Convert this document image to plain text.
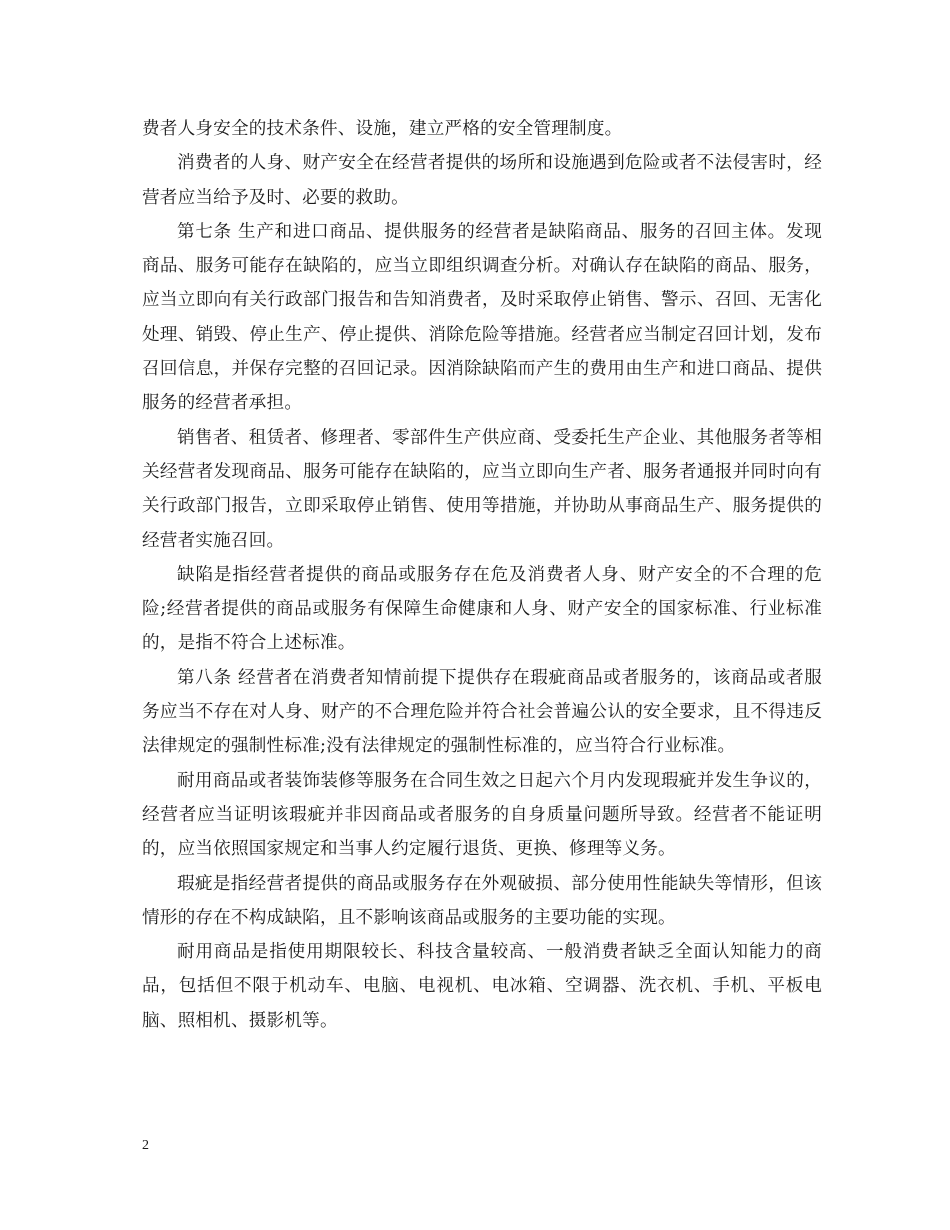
费者人身安全的技术条件、设施，建立严格的安全管理制度。

消费者的人身、财产安全在经营者提供的场所和设施遇到危险或者不法侵害时，经营者应当给予及时、必要的救助。

第七条 生产和进口商品、提供服务的经营者是缺陷商品、服务的召回主体。发现商品、服务可能存在缺陷的，应当立即组织调查分析。对确认存在缺陷的商品、服务，应当立即向有关行政部门报告和告知消费者，及时采取停止销售、警示、召回、无害化处理、销毁、停止生产、停止提供、消除危险等措施。经营者应当制定召回计划，发布召回信息，并保存完整的召回记录。因消除缺陷而产生的费用由生产和进口商品、提供服务的经营者承担。

销售者、租赁者、修理者、零部件生产供应商、受委托生产企业、其他服务者等相关经营者发现商品、服务可能存在缺陷的，应当立即向生产者、服务者通报并同时向有关行政部门报告，立即采取停止销售、使用等措施，并协助从事商品生产、服务提供的经营者实施召回。

缺陷是指经营者提供的商品或服务存在危及消费者人身、财产安全的不合理的危险;经营者提供的商品或服务有保障生命健康和人身、财产安全的国家标准、行业标准的，是指不符合上述标准。

第八条 经营者在消费者知情前提下提供存在瑕疵商品或者服务的，该商品或者服务应当不存在对人身、财产的不合理危险并符合社会普遍公认的安全要求，且不得违反法律规定的强制性标准;没有法律规定的强制性标准的，应当符合行业标准。

耐用商品或者装饰装修等服务在合同生效之日起六个月内发现瑕疵并发生争议的，经营者应当证明该瑕疵并非因商品或者服务的自身质量问题所导致。经营者不能证明的，应当依照国家规定和当事人约定履行退货、更换、修理等义务。

瑕疵是指经营者提供的商品或服务存在外观破损、部分使用性能缺失等情形，但该情形的存在不构成缺陷，且不影响该商品或服务的主要功能的实现。

耐用商品是指使用期限较长、科技含量较高、一般消费者缺乏全面认知能力的商品，包括但不限于机动车、电脑、电视机、电冰箱、空调器、洗衣机、手机、平板电脑、照相机、摄影机等。

2
